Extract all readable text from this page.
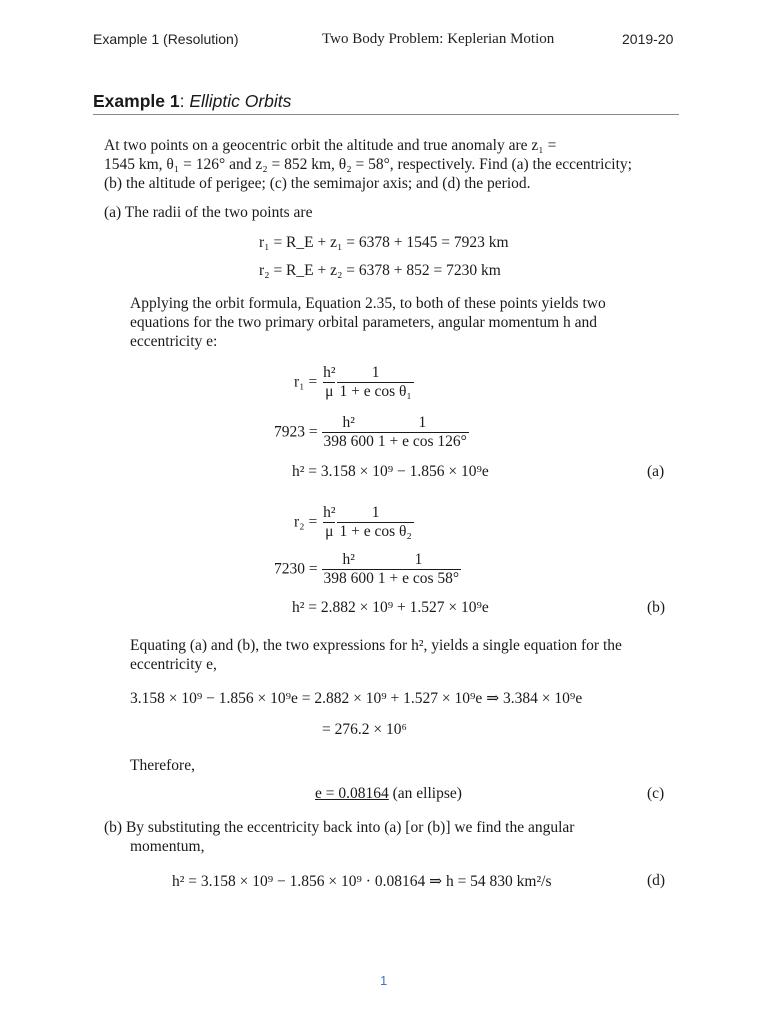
Example 1 (Resolution)	Two Body Problem: Keplerian Motion	2019-20
Example 1: Elliptic Orbits
At two points on a geocentric orbit the altitude and true anomaly are z₁ =
1545 km, θ₁ = 126° and z₂ = 852 km, θ₂ = 58°, respectively. Find (a) the eccentricity;
(b) the altitude of perigee; (c) the semimajor axis; and (d) the period.
(a) The radii of the two points are
r₁ = R_E + z₁ = 6378 + 1545 = 7923 km
r₂ = R_E + z₂ = 6378 + 852 = 7230 km
Applying the orbit formula, Equation 2.35, to both of these points yields two
equations for the two primary orbital parameters, angular momentum h and
eccentricity e:
$r_1 = \frac{\text{h²}}{\mu} \frac{1}{\text{1 + e cos θ₁}}$
$7923 = \frac{\text{h²}}{398 600} \frac{1}{\text{1 + e cos 126°}}$
h² = 3.158 × 10⁹ − 1.856 × 10⁹e	(a)
$r_2 = \frac{\text{h²}}{\mu} \frac{1}{\text{1 + e cos θ₂}}$
$7230 = \frac{\text{h²}}{398 600} \frac{1}{\text{1 + e cos 58°}}$
h² = 2.882 × 10⁹ + 1.527 × 10⁹e	(b)
Equating (a) and (b), the two expressions for h², yields a single equation for the
eccentricity e,
3.158 × 10⁹ − 1.856 × 10⁹e = 2.882 × 10⁹ + 1.527 × 10⁹e ⇒ 3.384 × 10⁹e
= 276.2 × 10⁶
Therefore,
e = 0.08164 (an ellipse)	(c)
(b) By substituting the eccentricity back into (a) [or (b)] we find the angular
momentum,
h² = 3.158 × 10⁹ − 1.856 × 10⁹ · 0.08164 ⇒ h = 54 830 km²/s	(d)
1
